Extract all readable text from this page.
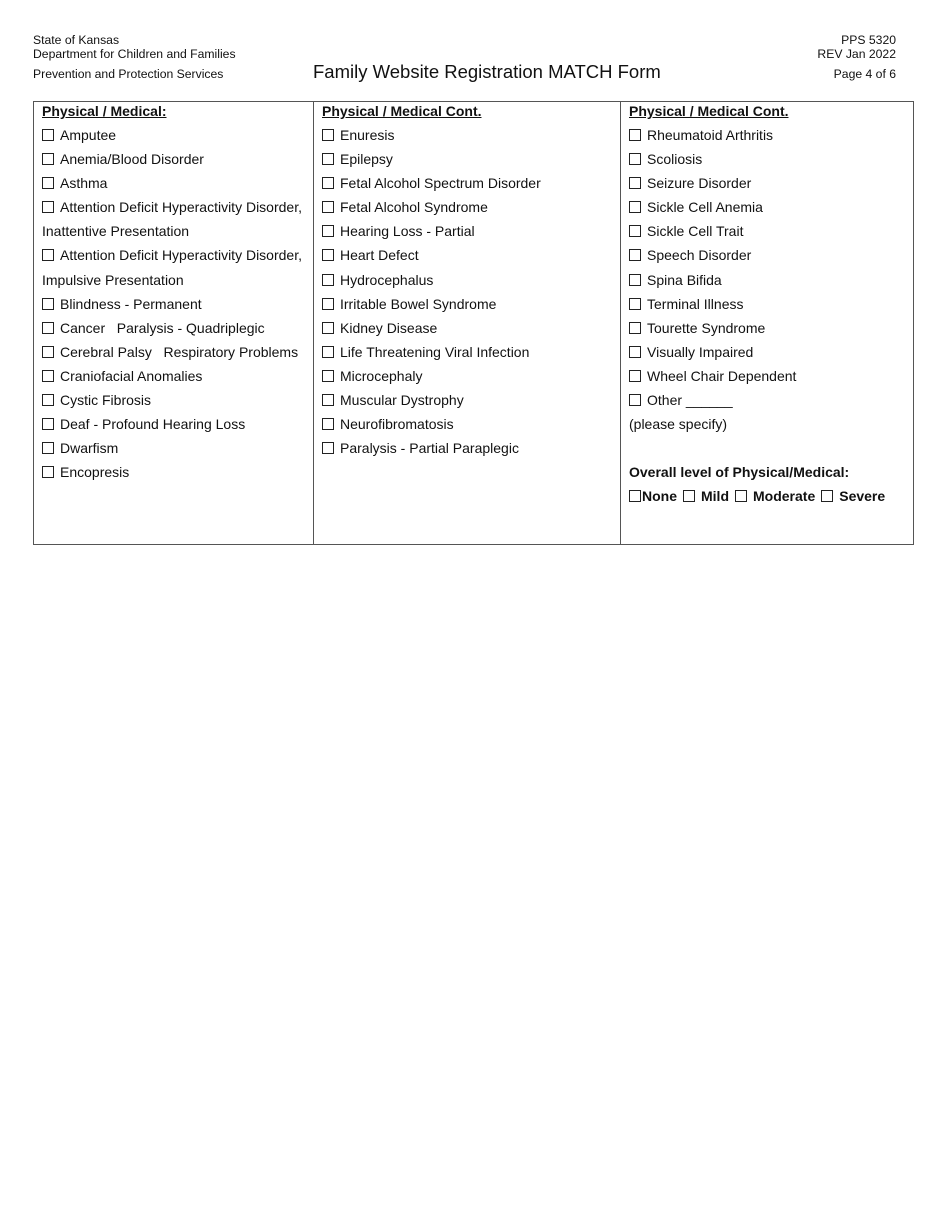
State of Kansas
Department for Children and Families
Prevention and Protection Services	Family Website Registration MATCH Form
PPS 5320
REV Jan 2022
Page 4 of 6
Physical / Medical:
Amputee
Anemia/Blood Disorder
Asthma
Attention Deficit Hyperactivity Disorder,
Inattentive Presentation
Attention Deficit Hyperactivity Disorder,
Impulsive Presentation
Blindness - Permanent
Cancer   Paralysis - Quadriplegic
Cerebral Palsy   Respiratory Problems
Craniofacial Anomalies
Cystic Fibrosis
Deaf - Profound Hearing Loss
Dwarfism
Encopresis
Physical / Medical Cont.
Enuresis
Epilepsy
Fetal Alcohol Spectrum Disorder
Fetal Alcohol Syndrome
Hearing Loss - Partial
Heart Defect
Hydrocephalus
Irritable Bowel Syndrome
Kidney Disease
Life Threatening Viral Infection
Microcephaly
Muscular Dystrophy
Neurofibromatosis
Paralysis - Partial Paraplegic
Physical / Medical Cont.
Rheumatoid Arthritis
Scoliosis
Seizure Disorder
Sickle Cell Anemia
Sickle Cell Trait
Speech Disorder
Spina Bifida
Terminal Illness
Tourette Syndrome
Visually Impaired
Wheel Chair Dependent
Other ______
(please specify)
Overall level of Physical/Medical:
None Mild Moderate Severe
